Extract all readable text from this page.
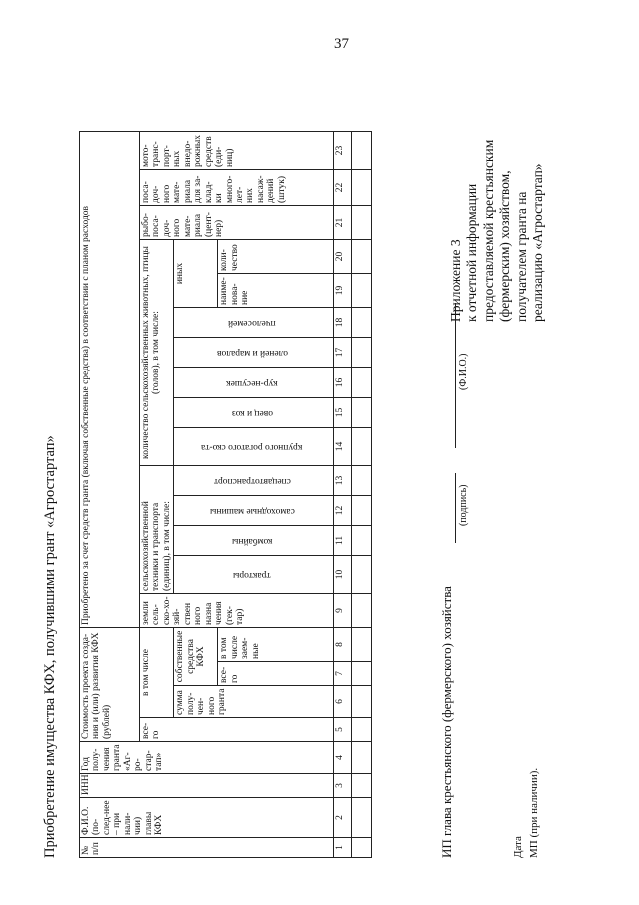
37
Приобретение имущества КФХ, получившими грант «Агростартап» № п/п	Ф.И.О. (по-след-нее – при нали-чии) главы КФХ	ИНН	Год полу-чения гранта «Аг-ро-стар-тап»	Стоимость проекта созда-ния и (или) развития КФХ (рублей)				Приобретено за счет средств гранта (включая собственные средства) в соответствии с планом расходов														
				все-го	в том числе			земли сель-ско-хо-зяй-ствен ного назна чения (гек-тар)	сельскохозяйственной техники и транспорта (единиц), в том числе:				количество сельскохозяйственных животных, птицы (голов), в том числе:							рыбо-поса-доч-ного мате-риала (цент-нер)	поса-доч-ного мате-риала для за-клад-ки много-лет-них насаж-дений (штук)	мото-транс-порт-ных внедо-рожных средств (еди-ниц)
					сумма полу-чен-ного гранта	собственные средства КФХ			тракторы	комбайны	самоходные машины	спецавтотранспорт	крупного рогатого ско-та	овец и коз	кур-несушек	оленей и маралов	пчелосемей	иных				
						все-го	в том числе заем-ные											наиме-нова-ние	коли-чество			
1	2	3	4	5	6	7	8	9	10	11	12	13	14	15	16	17	18	19	20	21	22	23

Приложение 3 к отчетной информации предоставляемой крестьянским (фермерским) хозяйством, получателем гранта на реализацию «Агростартап»
ИП глава крестьянского (фермерского) хозяйства
(подпись)
(Ф.И.О.)
Дата МП (при наличии).
